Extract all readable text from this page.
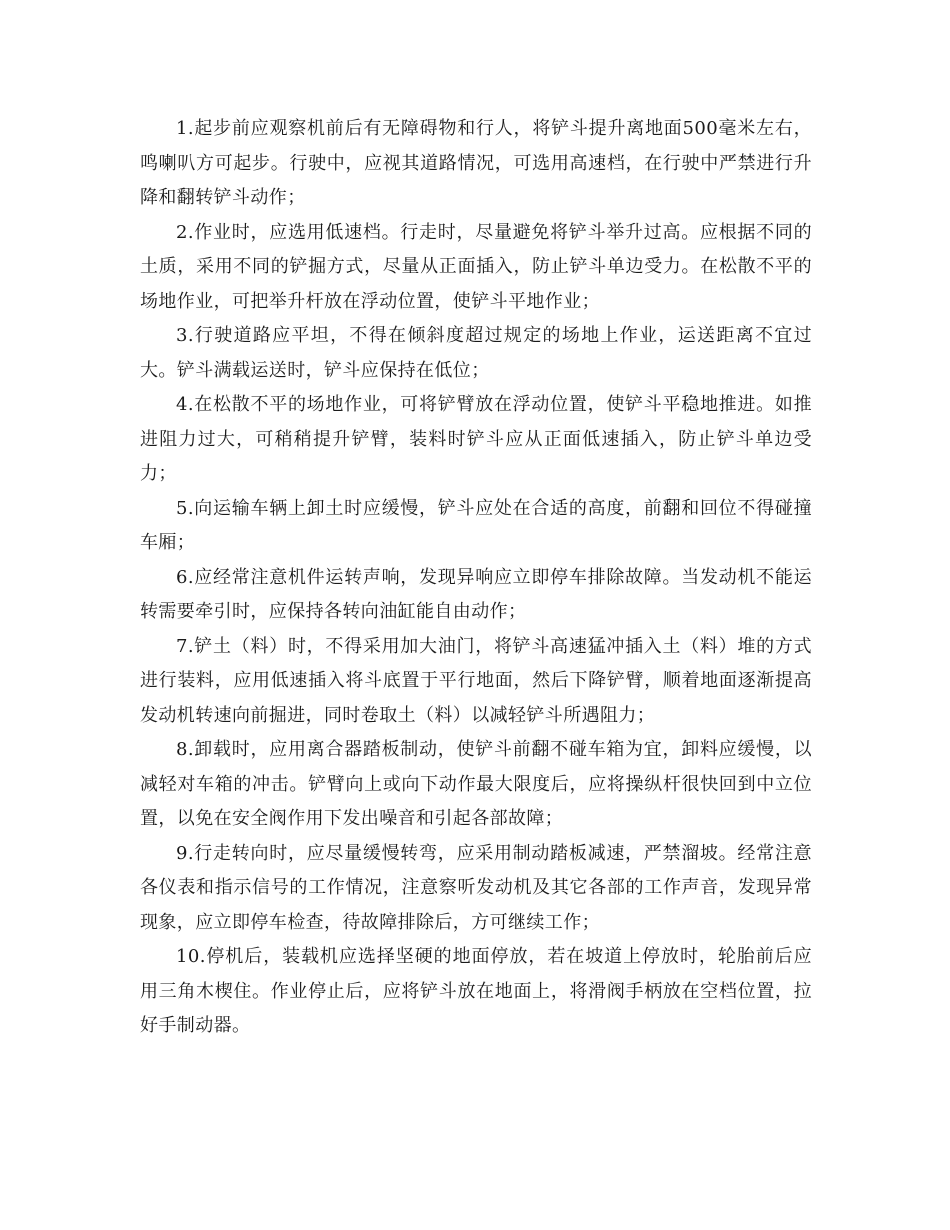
1.起步前应观察机前后有无障碍物和行人，将铲斗提升离地面500毫米左右，鸣喇叭方可起步。行驶中，应视其道路情况，可选用高速档，在行驶中严禁进行升降和翻转铲斗动作；

2.作业时，应选用低速档。行走时，尽量避免将铲斗举升过高。应根据不同的土质，采用不同的铲掘方式，尽量从正面插入，防止铲斗单边受力。在松散不平的场地作业，可把举升杆放在浮动位置，使铲斗平地作业；

3.行驶道路应平坦，不得在倾斜度超过规定的场地上作业，运送距离不宜过大。铲斗满载运送时，铲斗应保持在低位；

4.在松散不平的场地作业，可将铲臂放在浮动位置，使铲斗平稳地推进。如推进阻力过大，可稍稍提升铲臂，装料时铲斗应从正面低速插入，防止铲斗单边受力；

5.向运输车辆上卸土时应缓慢，铲斗应处在合适的高度，前翻和回位不得碰撞车厢；

6.应经常注意机件运转声响，发现异响应立即停车排除故障。当发动机不能运转需要牵引时，应保持各转向油缸能自由动作；

7.铲土（料）时，不得采用加大油门，将铲斗高速猛冲插入土（料）堆的方式进行装料，应用低速插入将斗底置于平行地面，然后下降铲臂，顺着地面逐渐提高发动机转速向前掘进，同时卷取土（料）以减轻铲斗所遇阻力；

8.卸载时，应用离合器踏板制动，使铲斗前翻不碰车箱为宜，卸料应缓慢，以减轻对车箱的冲击。铲臂向上或向下动作最大限度后，应将操纵杆很快回到中立位置，以免在安全阀作用下发出噪音和引起各部故障；

9.行走转向时，应尽量缓慢转弯，应采用制动踏板减速，严禁溜坡。经常注意各仪表和指示信号的工作情况，注意察听发动机及其它各部的工作声音，发现异常现象，应立即停车检查，待故障排除后，方可继续工作；

10.停机后，装载机应选择坚硬的地面停放，若在坡道上停放时，轮胎前后应用三角木楔住。作业停止后，应将铲斗放在地面上，将滑阀手柄放在空档位置，拉好手制动器。
